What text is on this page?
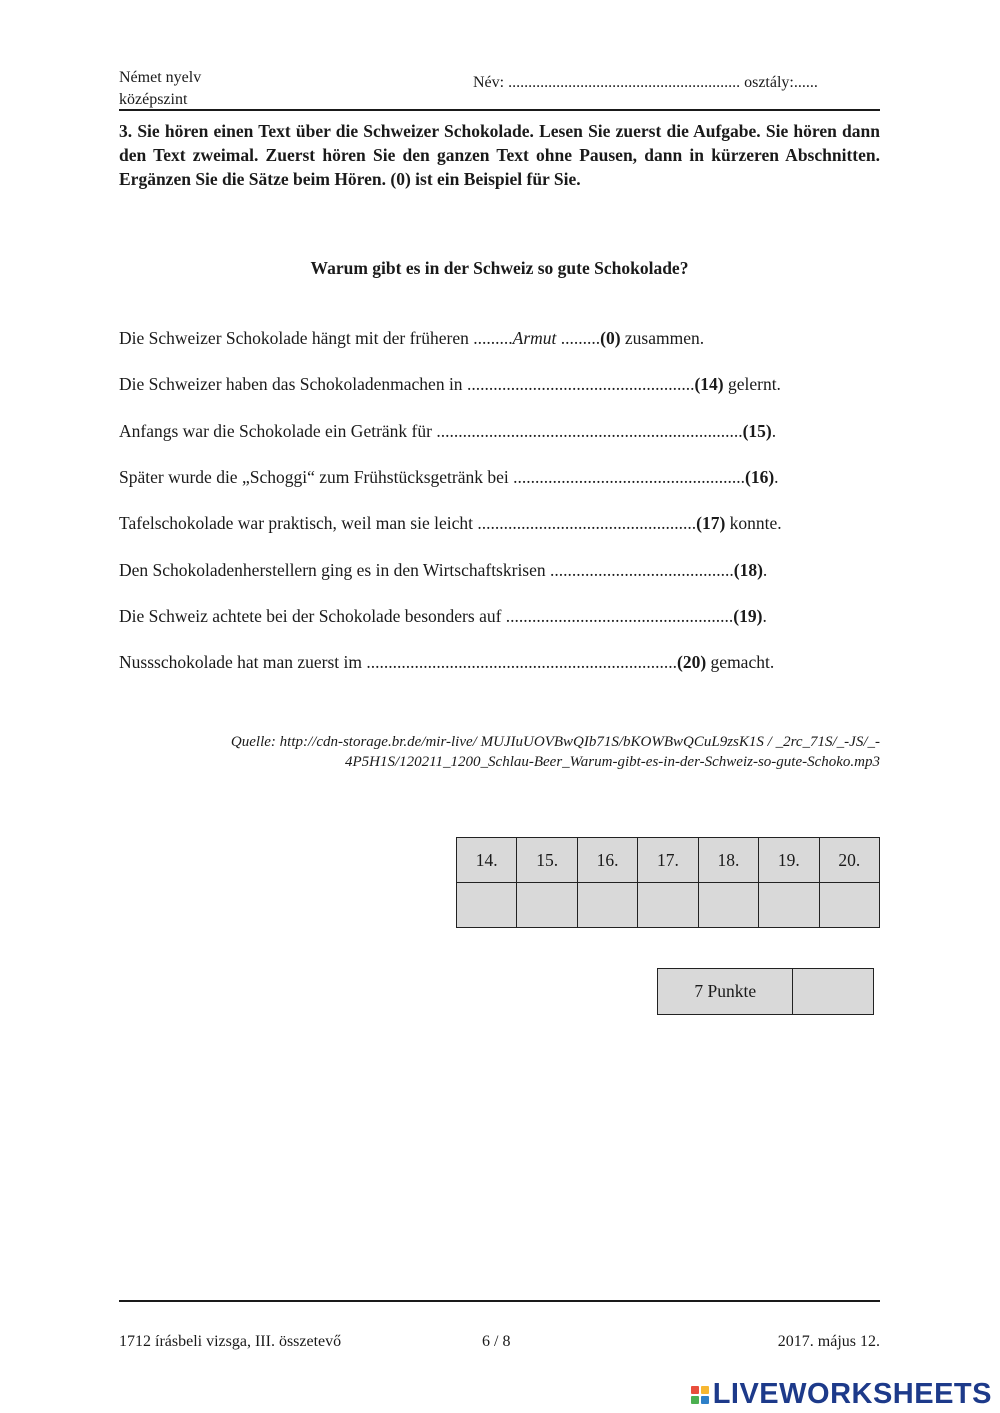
Német nyelv
középszint
Név: .......................................................... osztály:......
3. Sie hören einen Text über die Schweizer Schokolade. Lesen Sie zuerst die Aufgabe. Sie hören dann den Text zweimal. Zuerst hören Sie den ganzen Text ohne Pausen, dann in kürzeren Abschnitten. Ergänzen Sie die Sätze beim Hören. (0) ist ein Beispiel für Sie.
Warum gibt es in der Schweiz so gute Schokolade?
Die Schweizer Schokolade hängt mit der früheren .........Armut .........(0) zusammen.
Die Schweizer haben das Schokoladenmachen in ....................................................(14) gelernt.
Anfangs war die Schokolade ein Getränk für ......................................................................(15).
Später wurde die „Schoggi“ zum Frühstücksgetränk bei .....................................................(16).
Tafelschokolade war praktisch, weil man sie leicht ..................................................(17) konnte.
Den Schokoladenherstellern ging es in den Wirtschaftskrisen ..........................................(18).
Die Schweiz achtete bei der Schokolade besonders auf ....................................................(19).
Nussschokolade hat man zuerst im .......................................................................(20) gemacht.
Quelle: http://cdn-storage.br.de/mir-live/ MUJIuUOVBwQIb71S/bKOWBwQCuL9zsK1S / _2rc_71S/_-JS/_-
4P5H1S/120211_1200_Schlau-Beer_Warum-gibt-es-in-der-Schweiz-so-gute-Schoko.mp3
14.	15.	16.	17.	18.	19.	20.

7 Punkte	
1712 írásbeli vizsga, III. összetevő	6 / 8	2017. május 12.
LIVEWORKSHEETS
